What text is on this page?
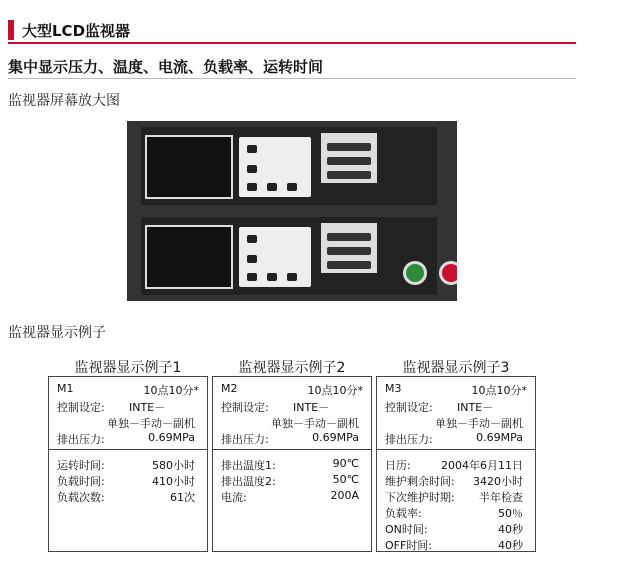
大型LCD监视器
集中显示压力、温度、电流、负载率、运转时间
监视器屏幕放大图
监视器显示例子
监视器显示例子1
M1	10点10分*
控制设定: INTE－
单独－手动－副机
排出压力:	0.69MPa
运转时间:	580小时
负载时间:	410小时
负载次数:	61次
监视器显示例子2
M2	10点10分*
控制设定: INTE－
单独－手动－副机
排出压力:	0.69MPa
排出温度1:	90℃
排出温度2:	50℃
电流:	200A
监视器显示例子3
M3	10点10分*
控制设定: INTE－
单独－手动－副机
排出压力:	0.69MPa
日历:	2004年6月11日
维护剩余时间: 3420小时
下次维护时期: 半年检查
负载率:	50％
ON时间:	40秒
OFF时间:	40秒
